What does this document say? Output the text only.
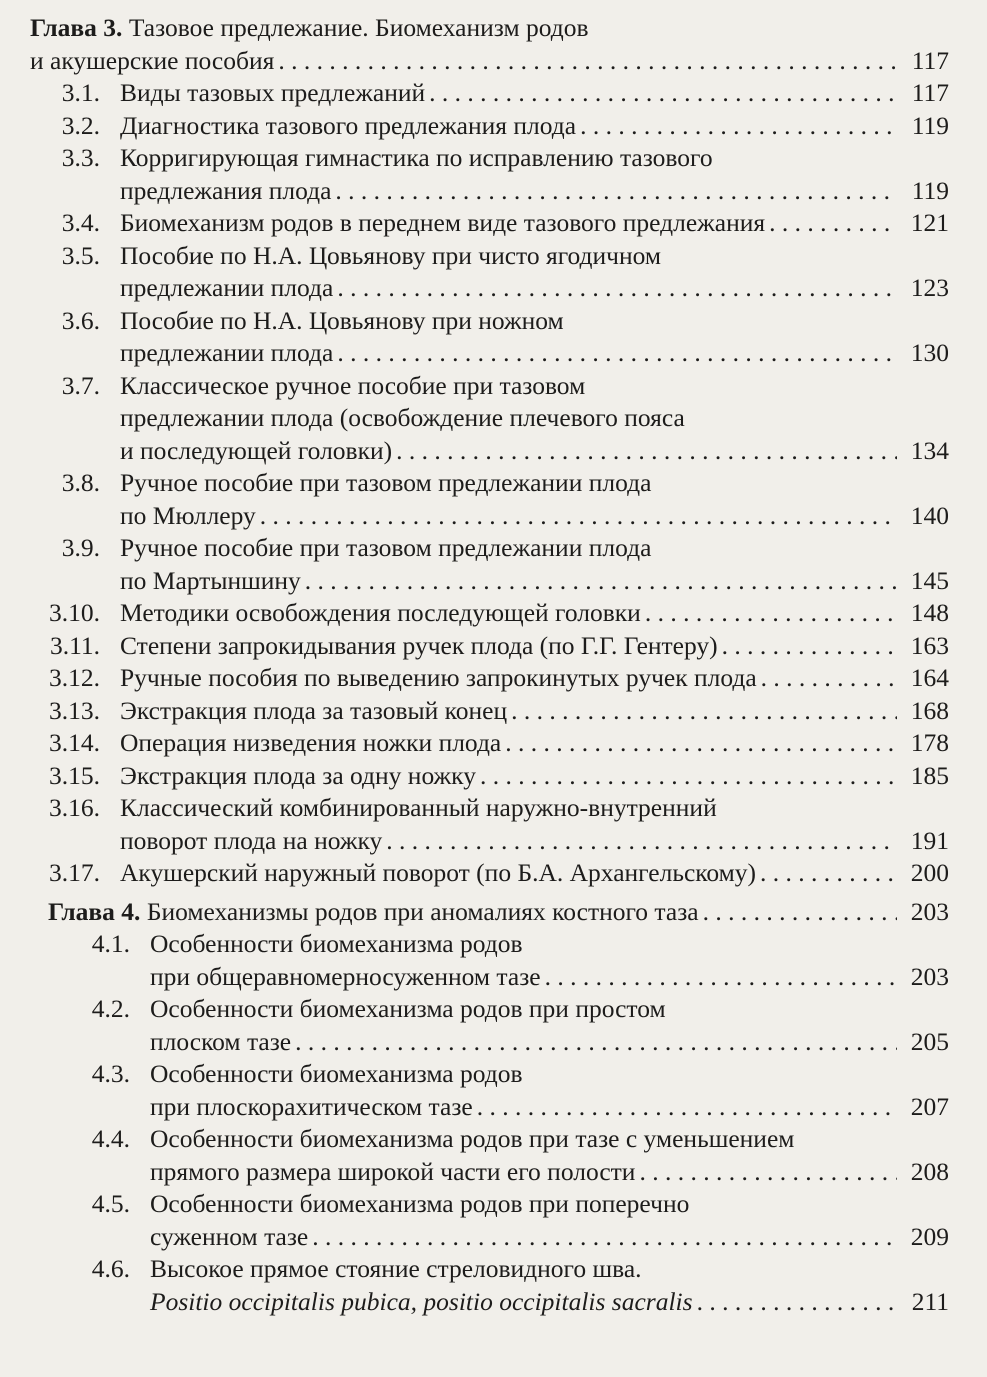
Глава 3. Тазовое предлежание. Биомеханизм родов
и акушерские пособия . . .	117
3.1. Виды тазовых предлежаний . . .	117
3.2. Диагностика тазового предлежания плода . . .	119
3.3. Корригирующая гимнастика по исправлению тазового
предлежания плода . . .	119
3.4. Биомеханизм родов в переднем виде тазового предлежания . . .	121
3.5. Пособие по Н.А. Цовьянову при чисто ягодичном
предлежании плода . . .	123
3.6. Пособие по Н.А. Цовьянову при ножном
предлежании плода . . .	130
3.7. Классическое ручное пособие при тазовом
предлежании плода (освобождение плечевого пояса
и последующей головки) . . .	134
3.8. Ручное пособие при тазовом предлежании плода
по Мюллеру . . .	140
3.9. Ручное пособие при тазовом предлежании плода
по Мартыншину . . .	145
3.10. Методики освобождения последующей головки . . .	148
3.11. Степени запрокидывания ручек плода (по Г.Г. Гентеру) . . .	163
3.12. Ручные пособия по выведению запрокинутых ручек плода . . .	164
3.13. Экстракция плода за тазовый конец . . .	168
3.14. Операция низведения ножки плода . . .	178
3.15. Экстракция плода за одну ножку . . .	185
3.16. Классический комбинированный наружно-внутренний
поворот плода на ножку . . .	191
3.17. Акушерский наружный поворот (по Б.А. Архангельскому) . . .	200
Глава 4. Биомеханизмы родов при аномалиях костного таза . . .	203
4.1. Особенности биомеханизма родов
при общеравномерносуженном тазе . . .	203
4.2. Особенности биомеханизма родов при простом
плоском тазе . . .	205
4.3. Особенности биомеханизма родов
при плоскорахитическом тазе . . .	207
4.4. Особенности биомеханизма родов при тазе с уменьшением
прямого размера широкой части его полости . . .	208
4.5. Особенности биомеханизма родов при поперечно
суженном тазе . . .	209
4.6. Высокое прямое стояние стреловидного шва.
Positio occipitalis pubica, positio occipitalis sacralis . . .	211
